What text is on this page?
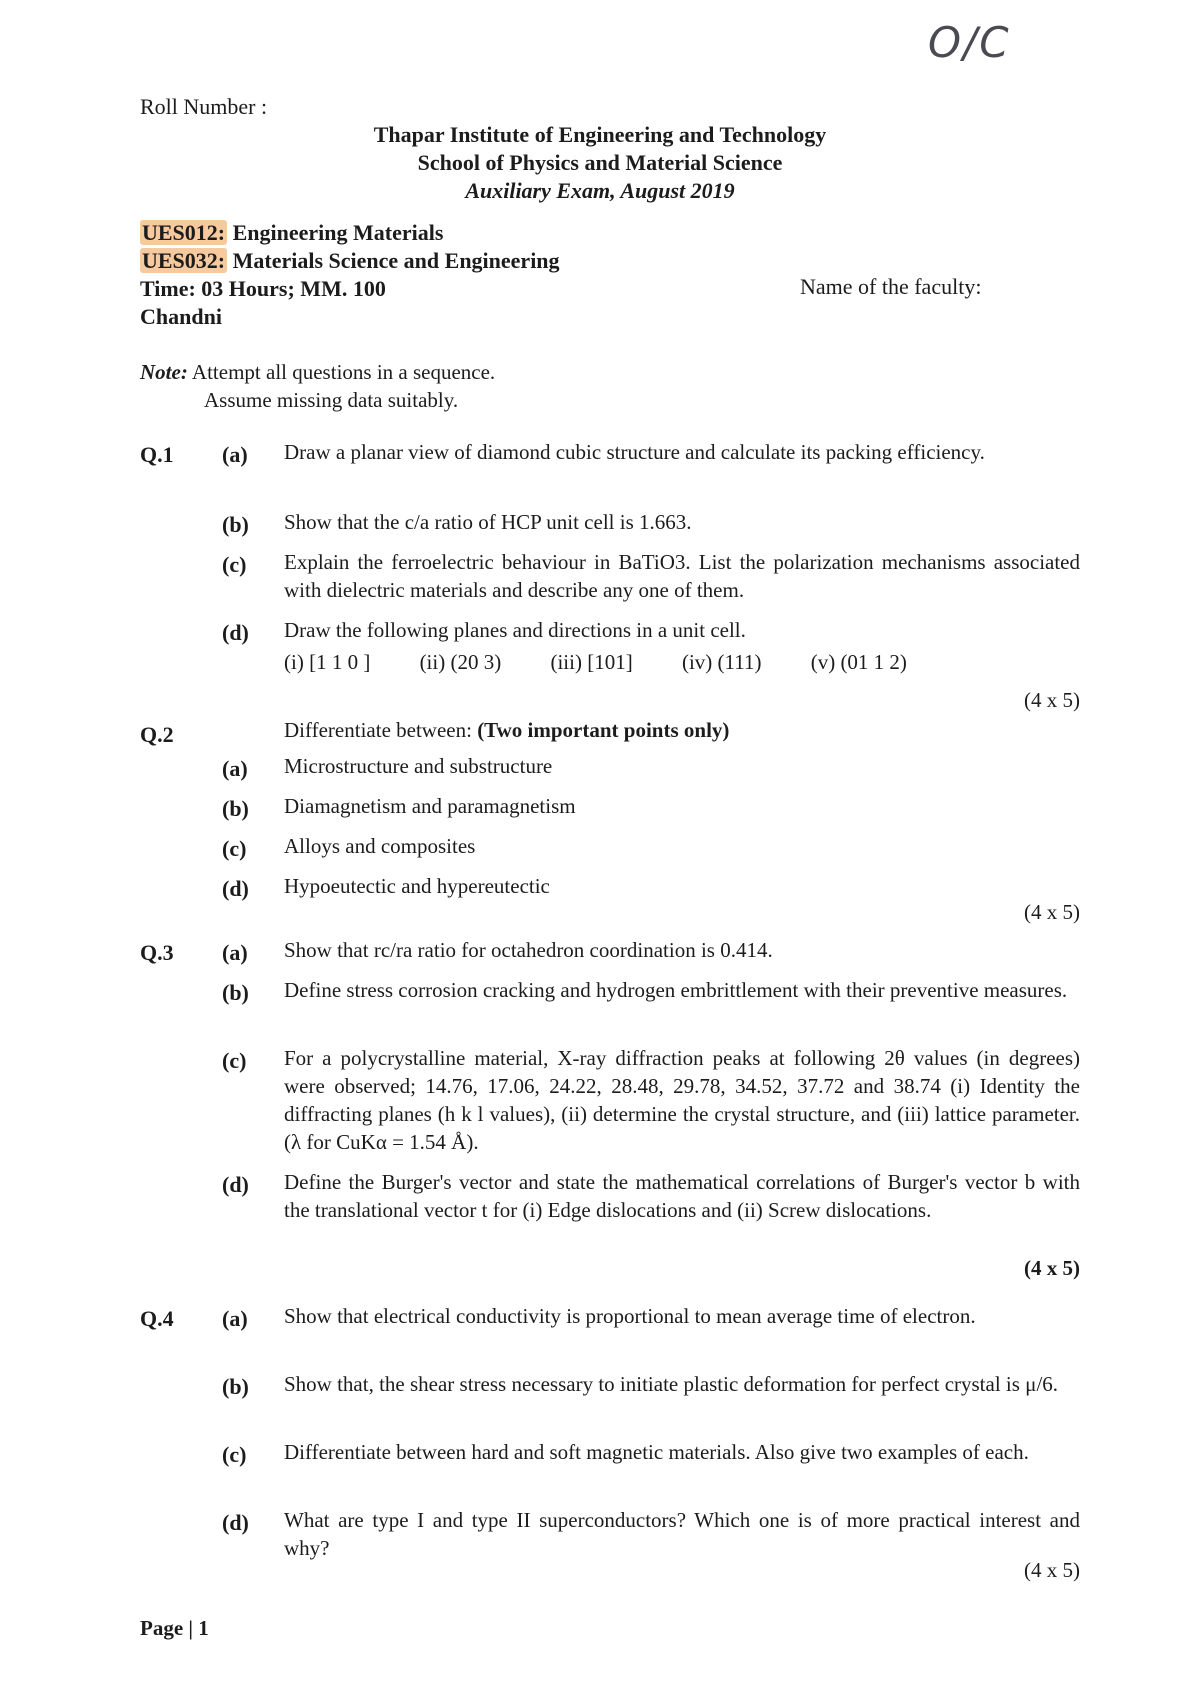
O/C
Roll Number :
Thapar Institute of Engineering and Technology
School of Physics and Material Science
Auxiliary Exam, August 2019
UES012: Engineering Materials
UES032: Materials Science and Engineering
Time: 03 Hours; MM. 100	Name of the faculty:
Chandni
Note: Attempt all questions in a sequence.
Assume missing data suitably.
Q.1 (a) Draw a planar view of diamond cubic structure and calculate its packing efficiency.
(b) Show that the c/a ratio of HCP unit cell is 1.663.
(c) Explain the ferroelectric behaviour in BaTiO3. List the polarization mechanisms associated with dielectric materials and describe any one of them.
(d) Draw the following planes and directions in a unit cell.
(i) [1 1 0 ] (ii) (20 3) (iii) [101] (iv) (111) (v) (01 1 2)
(4 x 5)
Q.2	Differentiate between: (Two important points only)
(a) Microstructure and substructure
(b) Diamagnetism and paramagnetism
(c) Alloys and composites
(d) Hypoeutectic and hypereutectic
(4 x 5)
Q.3 (a) Show that rc/ra ratio for octahedron coordination is 0.414.
(b) Define stress corrosion cracking and hydrogen embrittlement with their preventive measures.
(c) For a polycrystalline material, X-ray diffraction peaks at following 2θ values (in degrees) were observed; 14.76, 17.06, 24.22, 28.48, 29.78, 34.52, 37.72 and 38.74 (i) Identity the diffracting planes (h k l values), (ii) determine the crystal structure, and (iii) lattice parameter. (λ for CuKα = 1.54 Å).
(d) Define the Burger's vector and state the mathematical correlations of Burger's vector b with the translational vector t for (i) Edge dislocations and (ii) Screw dislocations.
(4 x 5)
Q.4 (a) Show that electrical conductivity is proportional to mean average time of electron.
(b) Show that, the shear stress necessary to initiate plastic deformation for perfect crystal is μ/6.
(c) Differentiate between hard and soft magnetic materials. Also give two examples of each.
(d) What are type I and type II superconductors? Which one is of more practical interest and why?
(4 x 5)
Page | 1
